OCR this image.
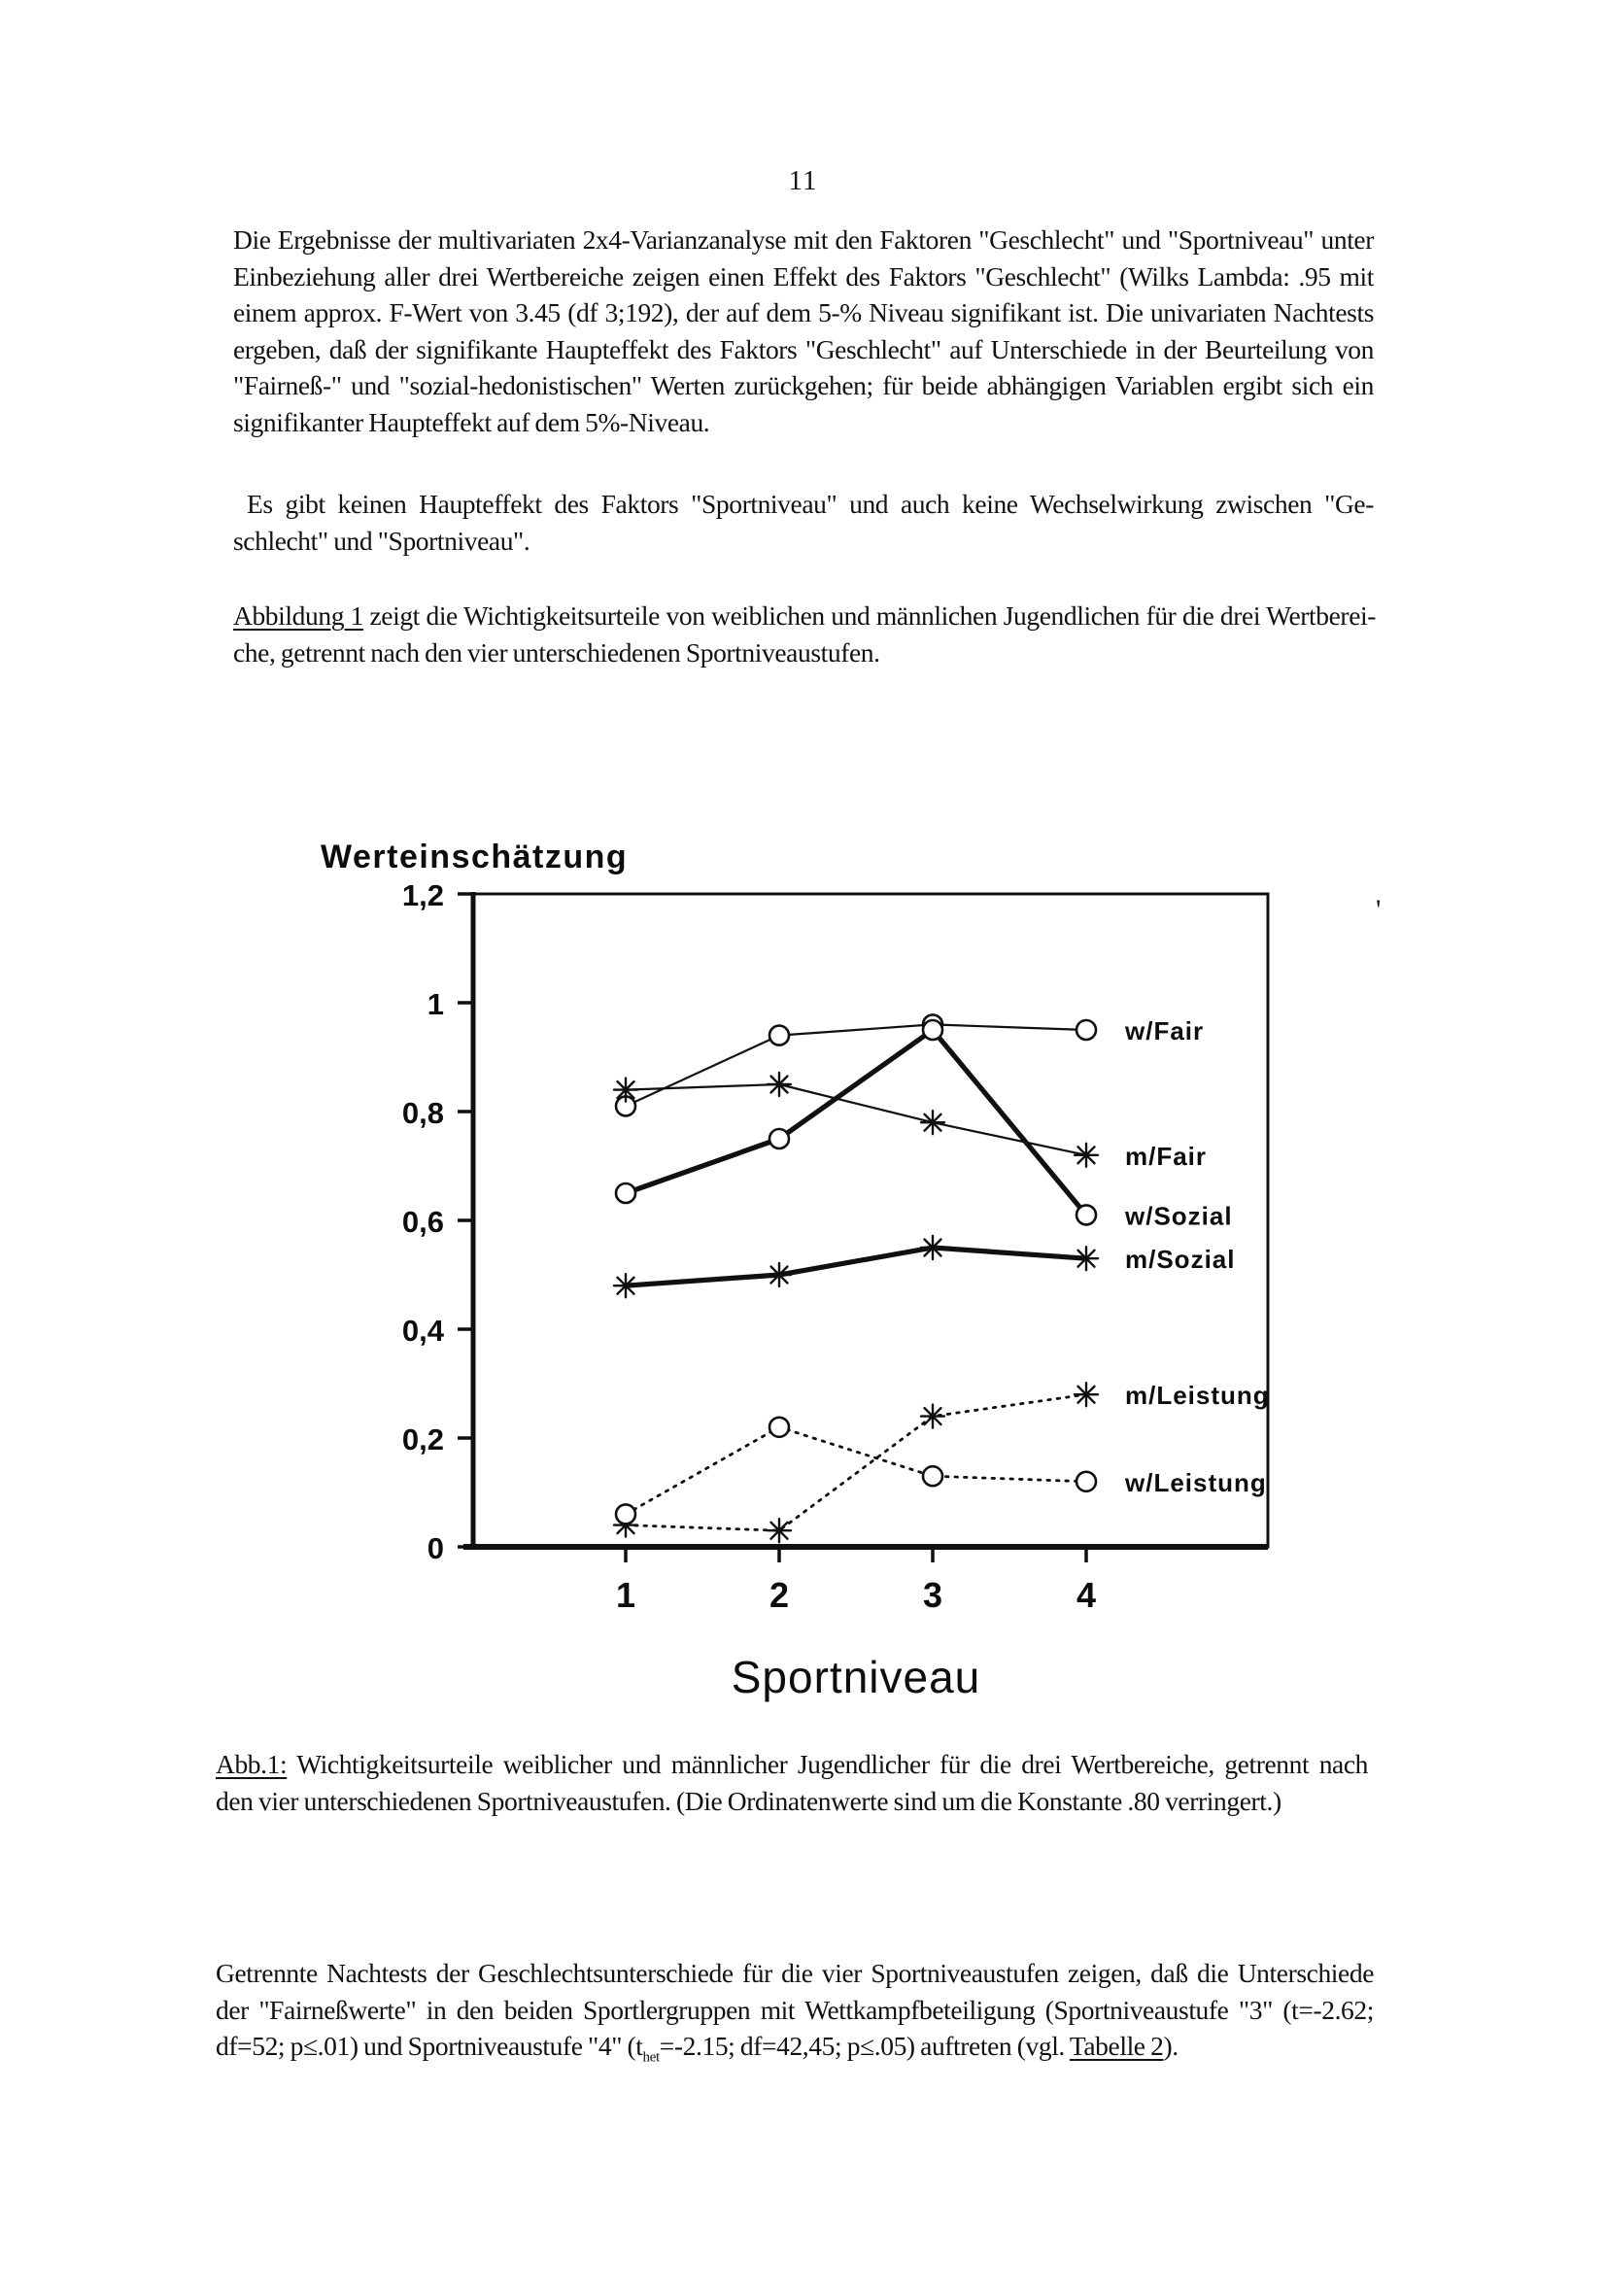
11
Die Ergebnisse der multivariaten 2x4-Varianzanalyse mit den Faktoren "Geschlecht" und "Sportniveau" unter
Einbeziehung aller drei Wertbereiche zeigen einen Effekt des Faktors "Geschlecht" (Wilks Lambda: .95 mit
einem approx. F-Wert von 3.45 (df 3;192), der auf dem 5-% Niveau signifikant ist. Die univariaten Nachtests
ergeben, daß der signifikante Haupteffekt des Faktors "Geschlecht" auf Unterschiede in der Beurteilung von
"Fairneß-" und "sozial-hedonistischen" Werten zurückgehen; für beide abhängigen Variablen ergibt sich ein
signifikanter Haupteffekt auf dem 5%-Niveau.
Es gibt keinen Haupteffekt des Faktors "Sportniveau" und auch keine Wechselwirkung zwischen "Ge-
schlecht" und "Sportniveau".
Abbildung 1 zeigt die Wichtigkeitsurteile von weiblichen und männlichen Jugendlichen für die drei Wertberei-
che, getrennt nach den vier unterschiedenen Sportniveaustufen.
Werteinschätzung
Sportniveau
0
0,2
0,4
0,6
0,8
1
1,2
1	2	3	4
w/Fair
m/Fair
w/Sozial
m/Sozial
m/Leistung
w/Leistung
'
Abb.1: Wichtigkeitsurteile weiblicher und männlicher Jugendlicher für die drei Wertbereiche, getrennt nach
den vier unterschiedenen Sportniveaustufen. (Die Ordinatenwerte sind um die Konstante .80 verringert.)
Getrennte Nachtests der Geschlechtsunterschiede für die vier Sportniveaustufen zeigen, daß die Unterschiede
der "Fairneßwerte" in den beiden Sportlergruppen mit Wettkampfbeteiligung (Sportniveaustufe "3" (t=-2.62;
df=52; p≤.01) und Sportniveaustufe "4" ($t_{het}=-2.15$; df=42,45; p≤.05) auftreten (vgl. Tabelle 2).
